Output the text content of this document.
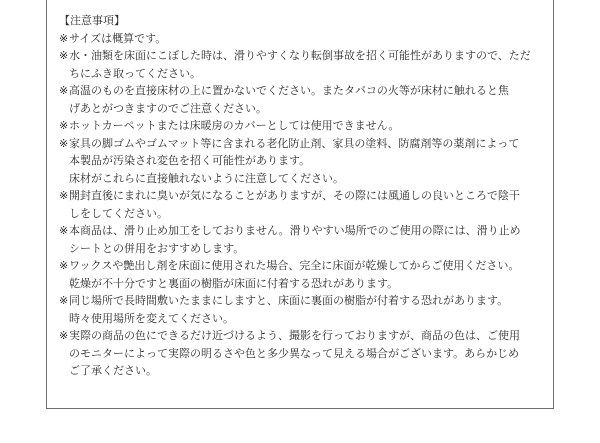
【注意事項】

※ サイズは概算です。
※ 水・油類を床面にこぼした時は、滑りやすくなり転倒事故を招く可能性がありますので、ただ
ちにふき取ってください。
※ 高温のものを直接床材の上に置かないでください。またタバコの火等が床材に触れると焦
げあとがつきますのでご注意ください。
※ ホットカーペットまたは床暖房のカバーとしては使用できません。
※ 家具の脚ゴムやゴムマット等に含まれる老化防止剤、家具の塗料、防腐剤等の薬剤によって
本製品が汚染され変色を招く可能性があります。
床材がこれらに直接触れないように注意してください。
※ 開封直後にまれに臭いが気になることがありますが、その際には風通しの良いところで陰干
しをしてください。
※ 本商品は、滑り止め加工をしておりません。滑りやすい場所でのご使用の際には、滑り止め
シートとの併用をおすすめします。
※ ワックスや艶出し剤を床面に使用された場合、完全に床面が乾燥してからご使用ください。
乾燥が不十分ですと裏面の樹脂が床面に付着する恐れがあります。
※ 同じ場所で長時間敷いたままにしますと、床面に裏面の樹脂が付着する恐れがあります。
時々使用場所を変えてください。
※ 実際の商品の色にできるだけ近づけるよう、撮影を行っておりますが、商品の色は、ご使用
のモニターによって実際の明るさや色と多少異なって見える場合がございます。あらかじめ
ご了承ください。
